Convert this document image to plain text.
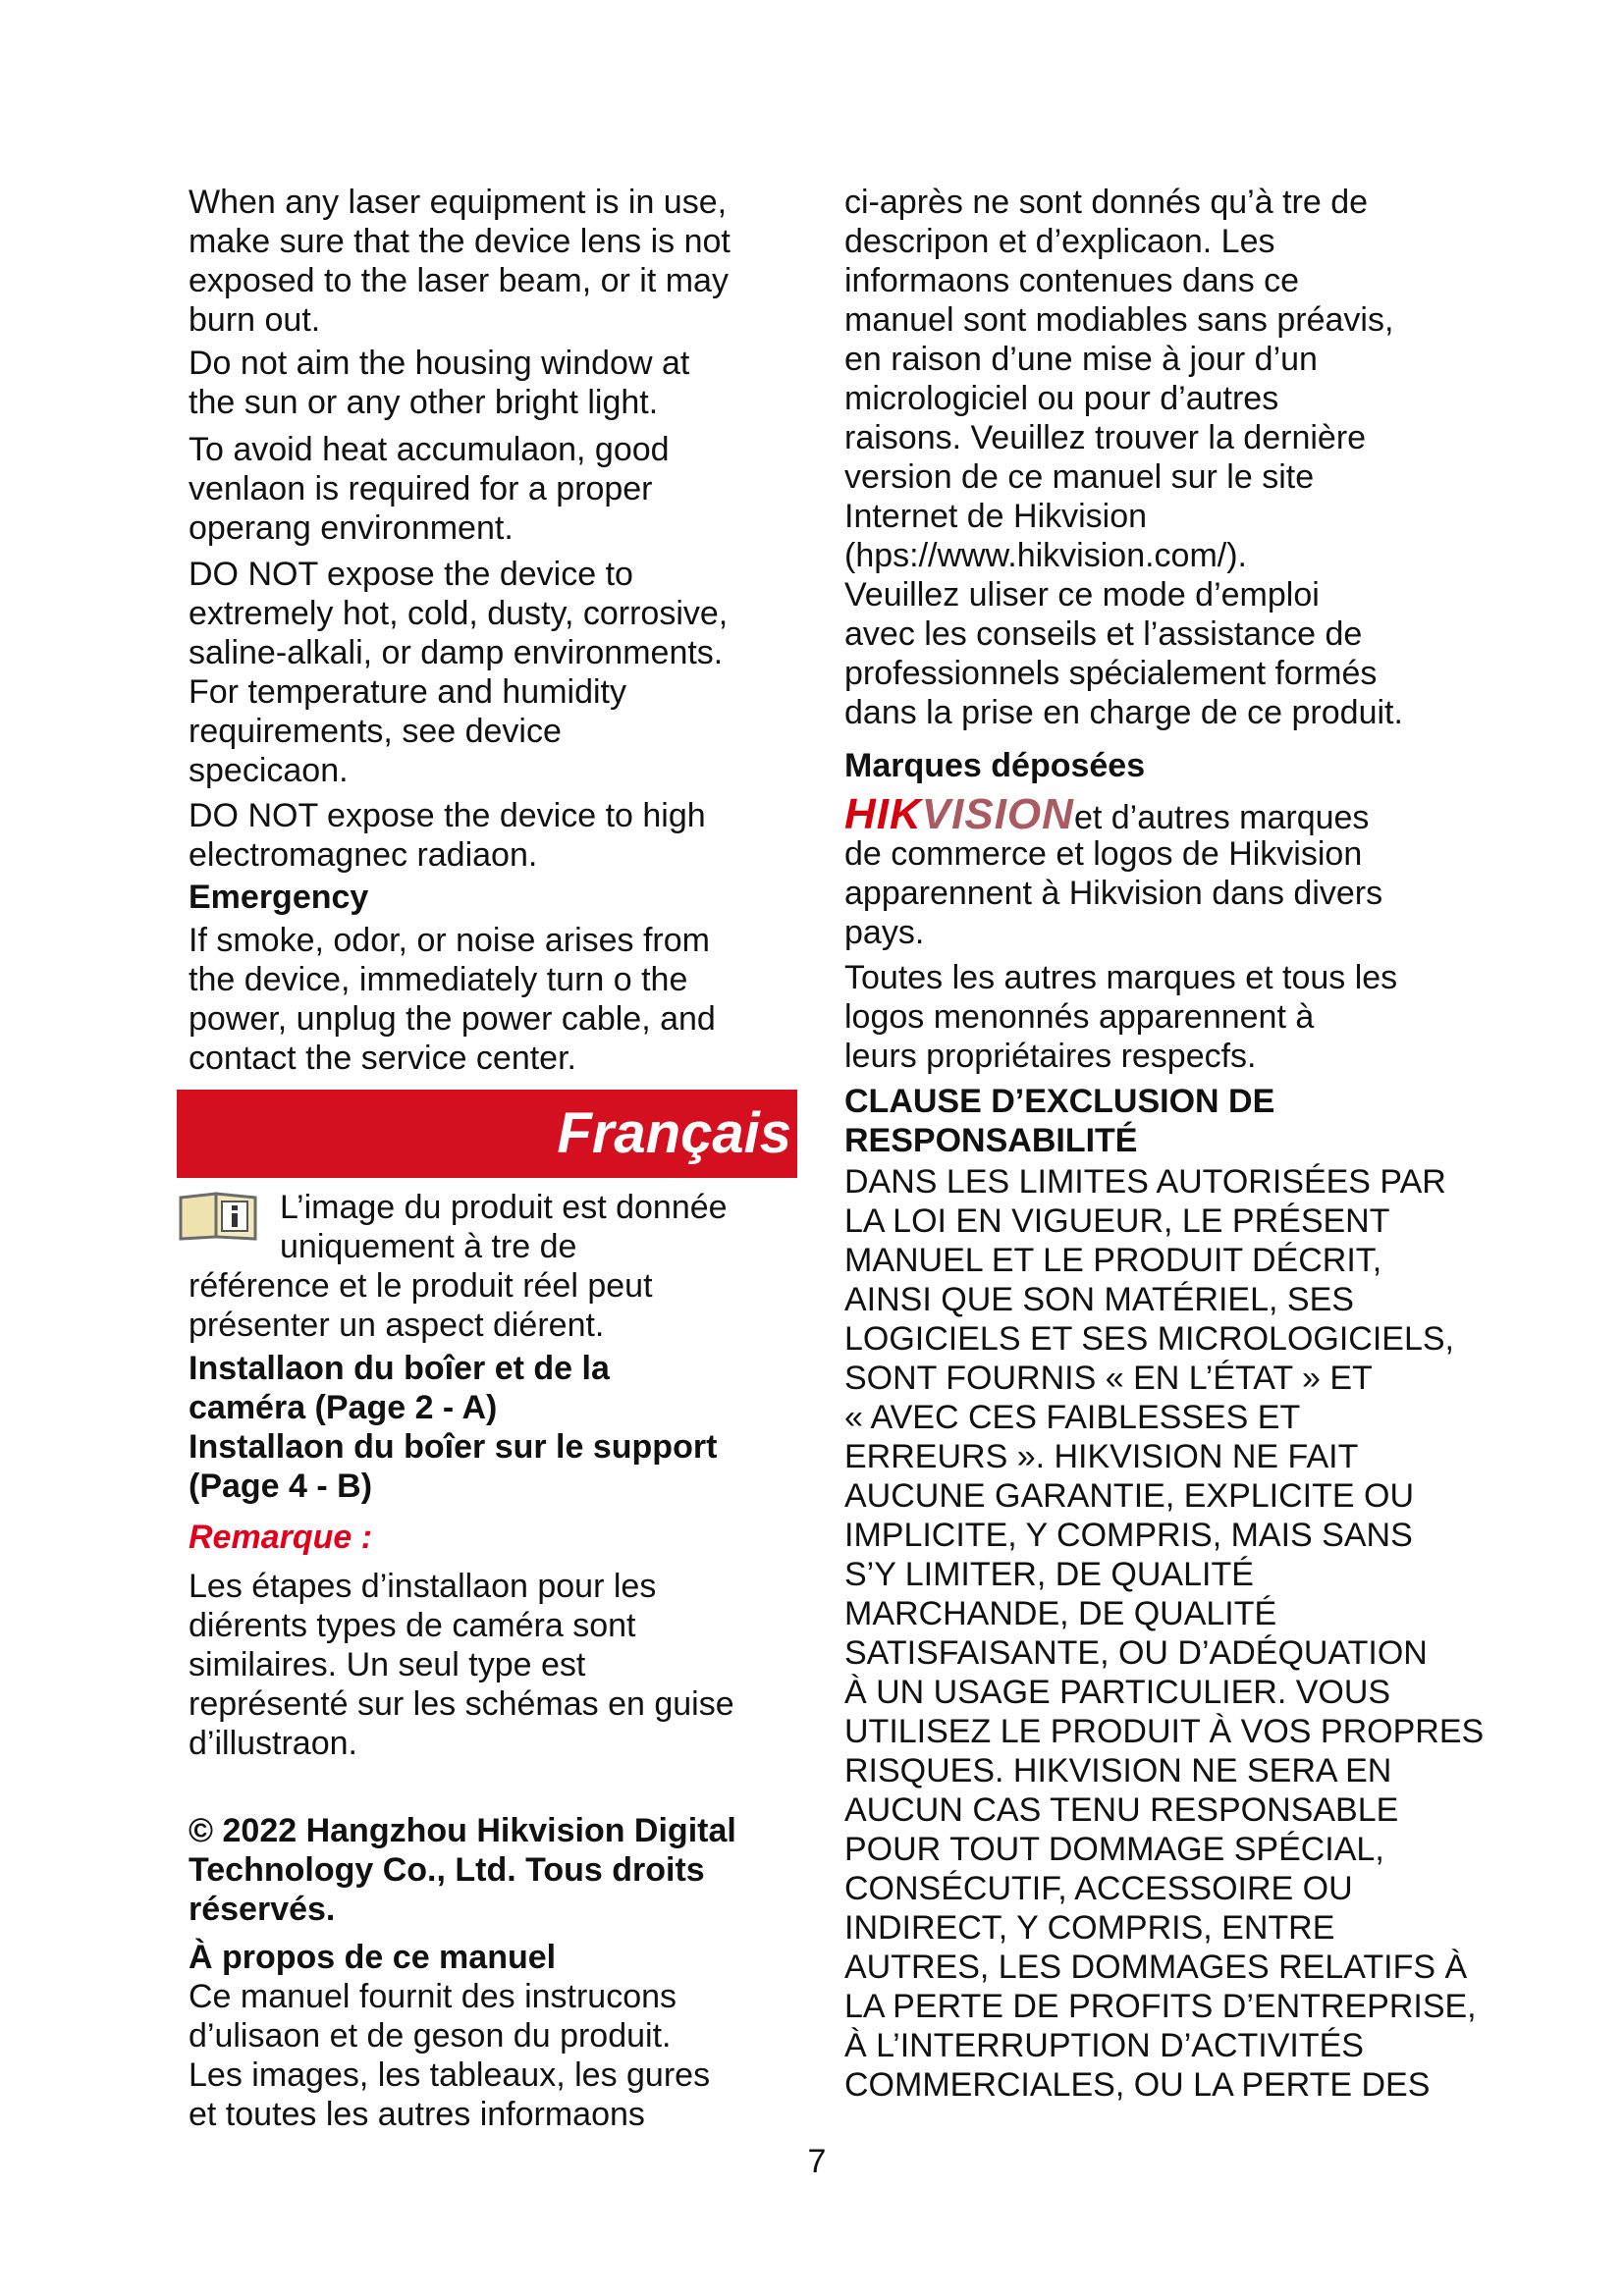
When any laser equipment is in use,
make sure that the device lens is not
exposed to the laser beam, or it may
burn out.

Do not aim the housing window at
the sun or any other bright light.

To avoid heat accumulaon, good
venlaon is required for a proper
operang environment.

DO NOT expose the device to
extremely hot, cold, dusty, corrosive,
saline-alkali, or damp environments.
For temperature and humidity
requirements, see device
specicaon.

DO NOT expose the device to high
electromagnec radiaon.

Emergency

If smoke, odor, or noise arises from
the device, immediately turn o the
power, unplug the power cable, and
contact the service center.

Français

L’image du produit est donnée
uniquement à tre de

référence et le produit réel peut
présenter un aspect diérent.

Installaon du boîer et de la
caméra (Page 2 - A)
Installaon du boîer sur le support
(Page 4 - B)

Remarque :

Les étapes d’installaon pour les
diérents types de caméra sont
similaires. Un seul type est
représenté sur les schémas en guise
d’illustraon.

© 2022 Hangzhou Hikvision Digital
Technology Co., Ltd. Tous droits
réservés.

À propos de ce manuel

Ce manuel fournit des instrucons
d’ulisaon et de geson du produit.
Les images, les tableaux, les gures
et toutes les autres informaons

ci-après ne sont donnés qu’à tre de
descripon et d’explicaon. Les
informaons contenues dans ce
manuel sont modiables sans préavis,
en raison d’une mise à jour d’un
micrologiciel ou pour d’autres
raisons. Veuillez trouver la dernière
version de ce manuel sur le site
Internet de Hikvision
(hps://www.hikvision.com/).
Veuillez uliser ce mode d’emploi
avec les conseils et l’assistance de
professionnels spécialement formés
dans la prise en charge de ce produit.

Marques déposées

HIK VISION et d’autres marques

de commerce et logos de Hikvision
apparennent à Hikvision dans divers
pays.

Toutes les autres marques et tous les
logos menonnés apparennent à
leurs propriétaires respecfs.

CLAUSE D’EXCLUSION DE
RESPONSABILITÉ

DANS LES LIMITES AUTORISÉES PAR
LA LOI EN VIGUEUR, LE PRÉSENT
MANUEL ET LE PRODUIT DÉCRIT,
AINSI QUE SON MATÉRIEL, SES
LOGICIELS ET SES MICROLOGICIELS,
SONT FOURNIS « EN L’ÉTAT » ET
« AVEC CES FAIBLESSES ET
ERREURS ». HIKVISION NE FAIT
AUCUNE GARANTIE, EXPLICITE OU
IMPLICITE, Y COMPRIS, MAIS SANS
S’Y LIMITER, DE QUALITÉ
MARCHANDE, DE QUALITÉ
SATISFAISANTE, OU D’ADÉQUATION
À UN USAGE PARTICULIER. VOUS
UTILISEZ LE PRODUIT À VOS PROPRES
RISQUES. HIKVISION NE SERA EN
AUCUN CAS TENU RESPONSABLE
POUR TOUT DOMMAGE SPÉCIAL,
CONSÉCUTIF, ACCESSOIRE OU
INDIRECT, Y COMPRIS, ENTRE
AUTRES, LES DOMMAGES RELATIFS À
LA PERTE DE PROFITS D’ENTREPRISE,
À L’INTERRUPTION D’ACTIVITÉS
COMMERCIALES, OU LA PERTE DES

7
